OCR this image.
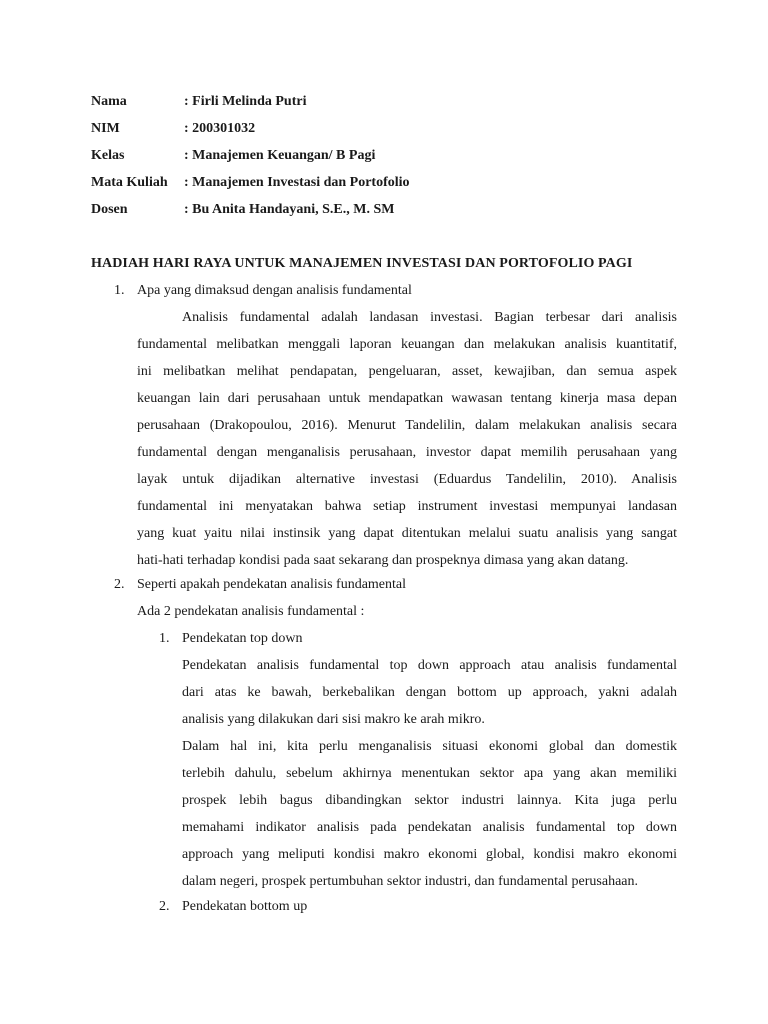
Nama	: Firli Melinda Putri
NIM	: 200301032
Kelas	: Manajemen Keuangan/ B Pagi
Mata Kuliah : Manajemen Investasi dan Portofolio
Dosen	: Bu Anita Handayani, S.E., M. SM
HADIAH HARI RAYA UNTUK MANAJEMEN INVESTASI DAN PORTOFOLIO PAGI
1. Apa yang dimaksud dengan analisis fundamental
Analisis fundamental adalah landasan investasi. Bagian terbesar dari analisis
fundamental melibatkan menggali laporan keuangan dan melakukan analisis kuantitatif,
ini melibatkan melihat pendapatan, pengeluaran, asset, kewajiban, dan semua aspek
keuangan lain dari perusahaan untuk mendapatkan wawasan tentang kinerja masa depan
perusahaan (Drakopoulou, 2016). Menurut Tandelilin, dalam melakukan analisis secara
fundamental dengan menganalisis perusahaan, investor dapat memilih perusahaan yang
layak untuk dijadikan alternative investasi (Eduardus Tandelilin, 2010). Analisis
fundamental ini menyatakan bahwa setiap instrument investasi mempunyai landasan
yang kuat yaitu nilai instinsik yang dapat ditentukan melalui suatu analisis yang sangat
hati-hati terhadap kondisi pada saat sekarang dan prospeknya dimasa yang akan datang.
2. Seperti apakah pendekatan analisis fundamental
Ada 2 pendekatan analisis fundamental :
1. Pendekatan top down
Pendekatan analisis fundamental top down approach atau analisis fundamental
dari atas ke bawah, berkebalikan dengan bottom up approach, yakni adalah
analisis yang dilakukan dari sisi makro ke arah mikro.
Dalam hal ini, kita perlu menganalisis situasi ekonomi global dan domestik
terlebih dahulu, sebelum akhirnya menentukan sektor apa yang akan memiliki
prospek lebih bagus dibandingkan sektor industri lainnya. Kita juga perlu
memahami indikator analisis pada pendekatan analisis fundamental top down
approach yang meliputi kondisi makro ekonomi global, kondisi makro ekonomi
dalam negeri, prospek pertumbuhan sektor industri, dan fundamental perusahaan.
2. Pendekatan bottom up
